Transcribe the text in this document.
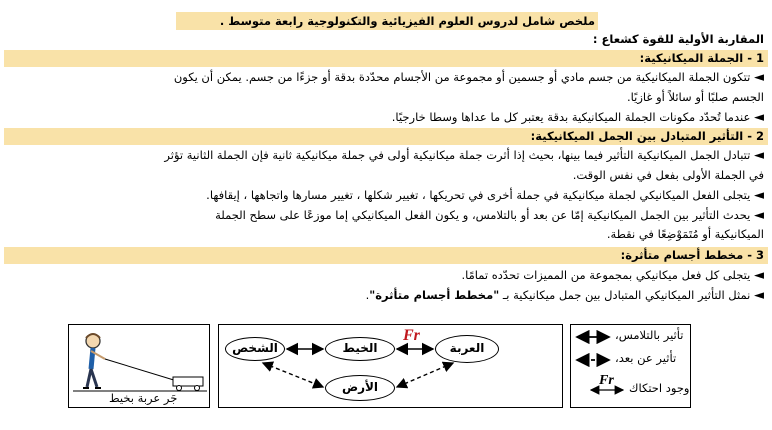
ملخص شامل لدروس العلوم الفيزيائية والتكنولوجية رابعة متوسط .
المقاربة الأولية للقوة كشعاع :
1 - الجملة الميكانيكية:
◄ تتكون الجملة الميكانيكية من جسم مادي أو جسمين أو مجموعة من الأجسام محدّدة بدقة أو جزءًا من جسم. يمكن أن يكون
الجسم صلبًا أو سائلاً أو غازيًا.
◄ عندما تُحدّد مكونات الجملة الميكانيكية بدقة يعتبر كل ما عداها وسطا خارجيًا.
2 - التأثير المتبادل بين الجمل الميكانيكية:
◄ تتبادل الجمل الميكانيكية التأثير فيما بينها، بحيث إذا أثرت جملة ميكانيكية أولى في جملة ميكانيكية ثانية فإن الجملة الثانية تؤثر
في الجملة الأولى بفعل في نفس الوقت.
◄ يتجلى الفعل الميكانيكي لجملة ميكانيكية في جملة أخرى في تحريكها ، تغيير شكلها ، تغيير مسارها واتجاهها ، إيقافها.
◄ يحدث التأثير بين الجمل الميكانيكية إمّا عن بعد أو بالتلامس، و يكون الفعل الميكانيكي إما موزعًا على سطح الجملة
الميكانيكية أو مُتَمَوْضِعًا في نقطة.
3 - مخطط أجسام متأثرة:
◄ يتجلى كل فعل ميكانيكي بمجموعة من المميزات تحدّده تمامًا.
◄ نمثل التأثير الميكانيكي المتبادل بين جمل ميكانيكية بـ "مخطط أجسام متأثرة".
تأثير بالتلامس،
تأثير عن بعد،
Fr وجود احتكاك
الشخص	الخيط	العربة
الأرض
Fr
جَر عربة بخيط
